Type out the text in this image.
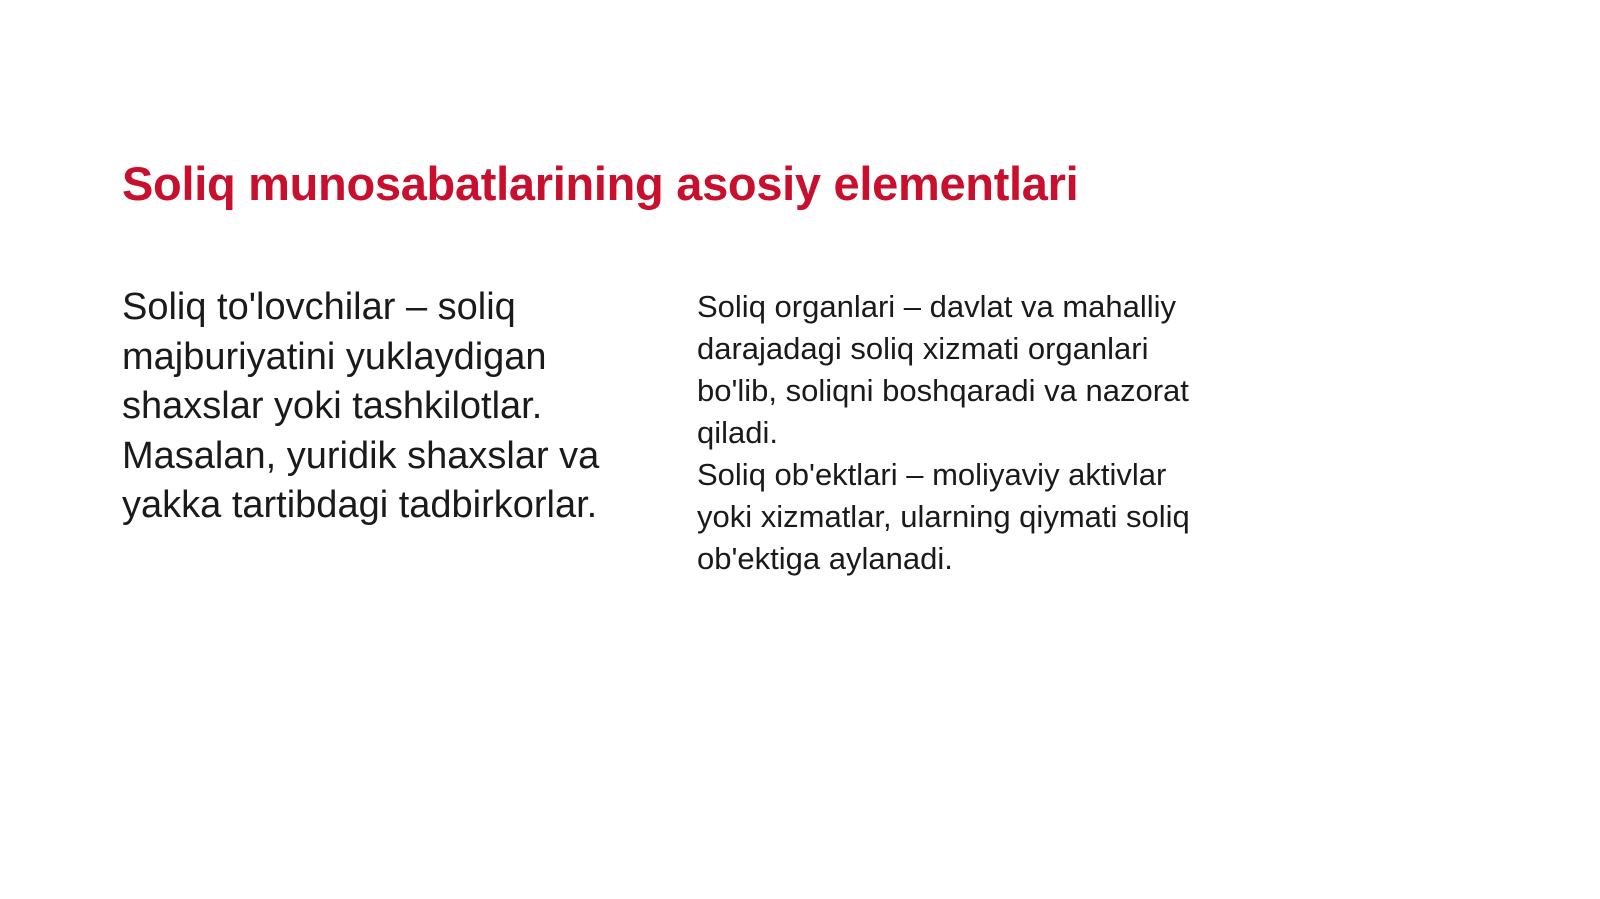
Soliq munosabatlarining asosiy elementlari

Soliq to'lovchilar – soliq majburiyatini yuklaydigan shaxslar yoki tashkilotlar. Masalan, yuridik shaxslar va yakka tartibdagi tadbirkorlar.

Soliq organlari – davlat va mahalliy darajadagi soliq xizmati organlari bo'lib, soliqni boshqaradi va nazorat qiladi.

Soliq ob'ektlari – moliyaviy aktivlar yoki xizmatlar, ularning qiymati soliq ob'ektiga aylanadi.
